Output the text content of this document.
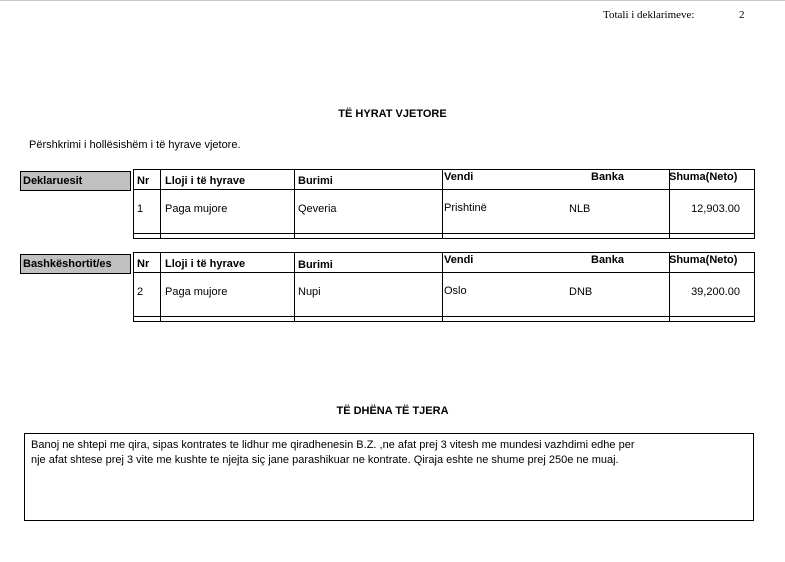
Totali i deklarimeve:	2
TË HYRAT VJETORE
Përshkrimi i hollësishëm i të hyrave vjetore.
Deklaruesit	Nr Lloji i të hyrave	Burimi	Vendi	Banka	Shuma(Neto)
1 Paga mujore	Qeveria	Prishtinë	NLB	12,903.00
Bashkëshortit/es	Nr Lloji i të hyrave	Burimi	Vendi	Banka	Shuma(Neto)
2 Paga mujore	Nupi	Oslo	DNB	39,200.00
TË DHËNA TË TJERA
Banoj ne shtepi me qira, sipas kontrates te lidhur me qiradhenesin B.Z. ,ne afat prej 3 vitesh me mundesi vazhdimi edhe per
nje afat shtese prej 3 vite me kushte te njejta siç jane parashikuar ne kontrate. Qiraja eshte ne shume prej 250e ne muaj.
